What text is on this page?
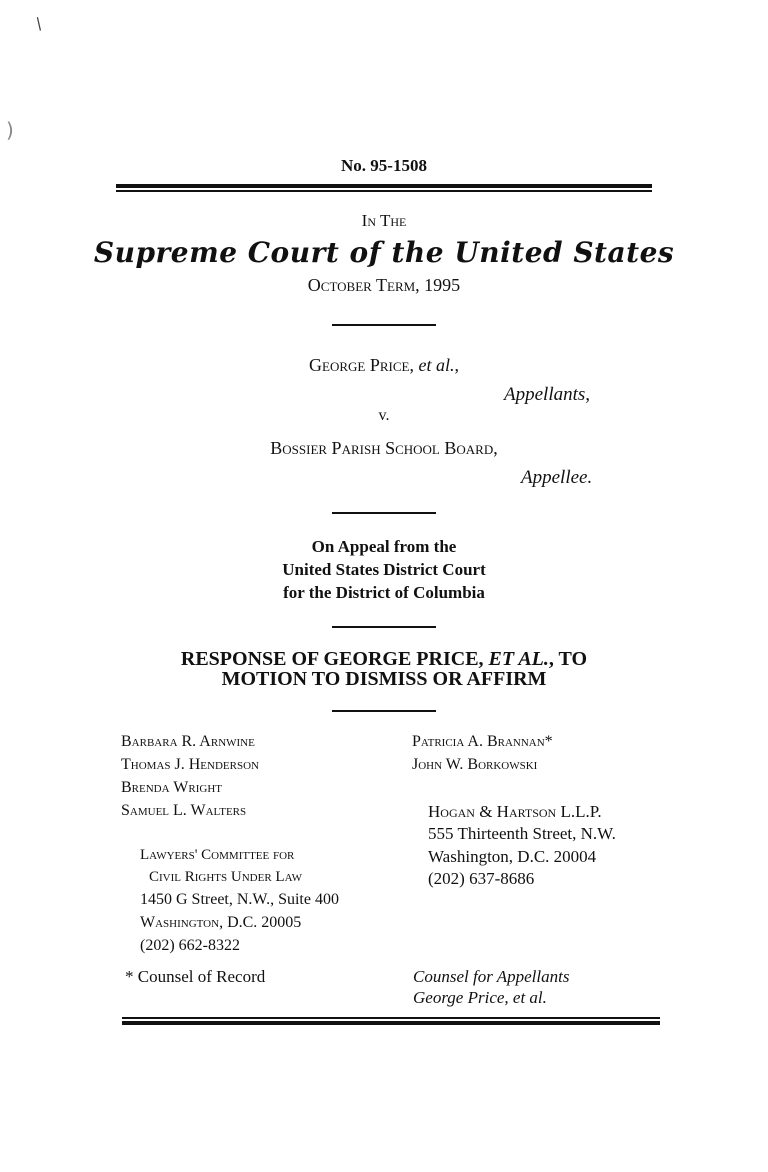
∕
)
No. 95-1508
In The
Supreme Court of the United States
October Term, 1995
George Price, et al.,
Appellants,
v.
Bossier Parish School Board,
Appellee.
On Appeal from the
United States District Court
for the District of Columbia
RESPONSE OF GEORGE PRICE, ET AL., TO
MOTION TO DISMISS OR AFFIRM
Barbara R. Arnwine
Thomas J. Henderson
Brenda Wright
Samuel L. Walters
Lawyers' Committee for
Civil Rights Under Law
1450 G Street, N.W., Suite 400
Washington, D.C. 20005
(202) 662-8322
* Counsel of Record
Patricia A. Brannan*
John W. Borkowski
Hogan & Hartson L.L.P.
555 Thirteenth Street, N.W.
Washington, D.C. 20004
(202) 637-8686
Counsel for Appellants
George Price, et al.
